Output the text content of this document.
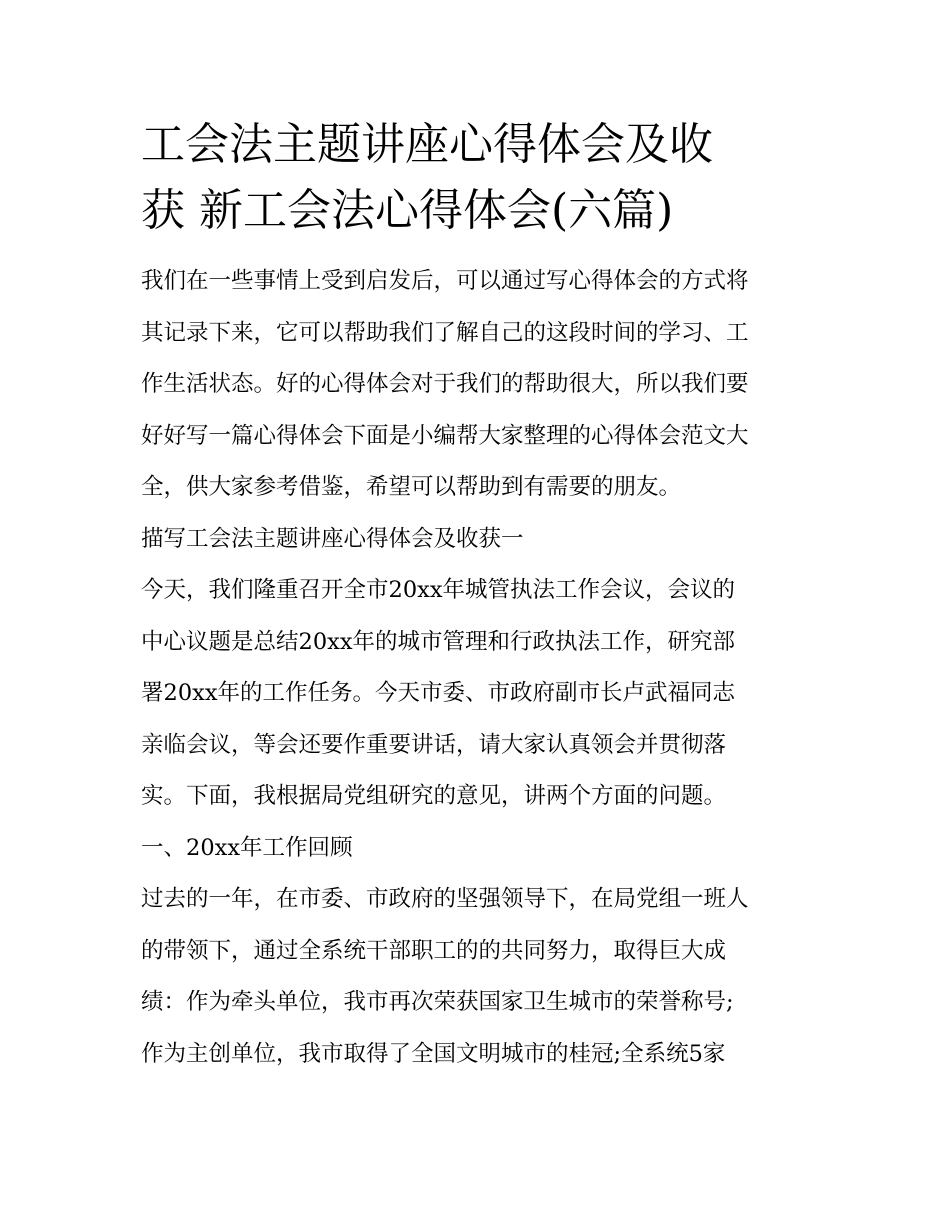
工会法主题讲座心得体会及收
获 新工会法心得体会(六篇)

我们在一些事情上受到启发后，可以通过写心得体会的方式将
其记录下来，它可以帮助我们了解自己的这段时间的学习、工
作生活状态。好的心得体会对于我们的帮助很大，所以我们要
好好写一篇心得体会下面是小编帮大家整理的心得体会范文大
全，供大家参考借鉴，希望可以帮助到有需要的朋友。

描写工会法主题讲座心得体会及收获一

今天，我们隆重召开全市20xx年城管执法工作会议，会议的
中心议题是总结20xx年的城市管理和行政执法工作，研究部
署20xx年的工作任务。今天市委、市政府副市长卢武福同志
亲临会议，等会还要作重要讲话，请大家认真领会并贯彻落
实。下面，我根据局党组研究的意见，讲两个方面的问题。

一、20xx年工作回顾

过去的一年，在市委、市政府的坚强领导下，在局党组一班人
的带领下，通过全系统干部职工的的共同努力，取得巨大成
绩：作为牵头单位，我市再次荣获国家卫生城市的荣誉称号;
作为主创单位，我市取得了全国文明城市的桂冠;全系统5家
